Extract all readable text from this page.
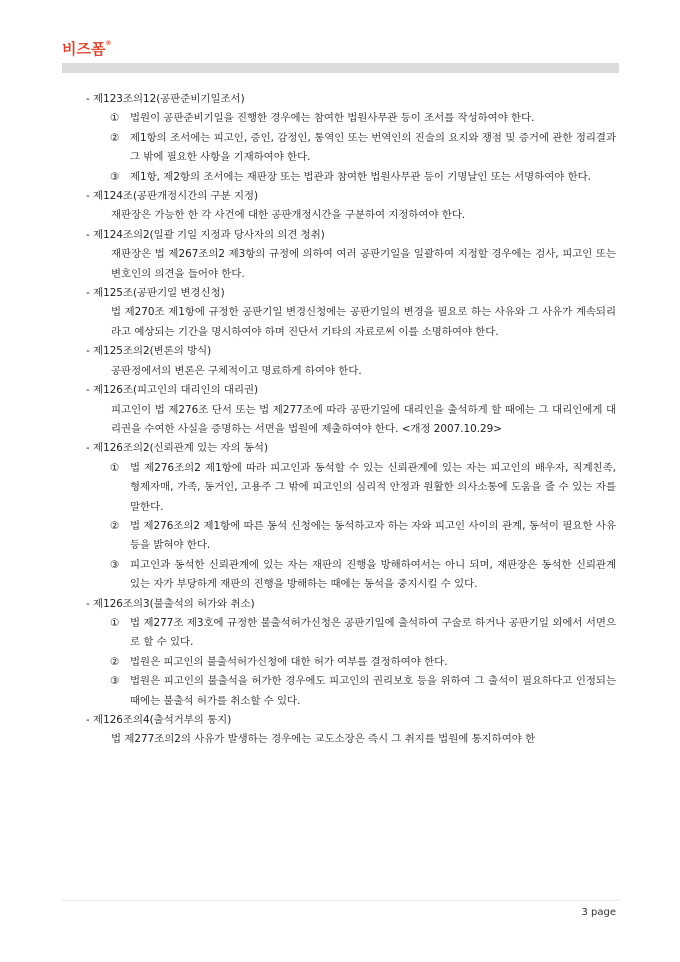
비즈폼®

- 제123조의12(공판준비기일조서)

① 법원이 공판준비기일을 진행한 경우에는 참여한 법원사무관 등이 조서를 작성하여야 한다.

② 제1항의 조서에는 피고인, 증인, 감정인, 통역인 또는 번역인의 진술의 요지와 쟁점 및 증거에 관한 정리결과 그 밖에 필요한 사항을 기재하여야 한다.

③ 제1항, 제2항의 조서에는 재판장 또는 법관과 참여한 법원사무관 등이 기명날인 또는 서명하여야 한다.

- 제124조(공판개정시간의 구분 지정)

재판장은 가능한 한 각 사건에 대한 공판개정시간을 구분하여 지정하여야 한다.

- 제124조의2(일괄 기일 지정과 당사자의 의견 청취)

재판장은 법 제267조의2 제3항의 규정에 의하여 여러 공판기일을 일괄하여 지정할 경우에는 검사, 피고인 또는 변호인의 의견을 들어야 한다.

- 제125조(공판기일 변경신청)

법 제270조 제1항에 규정한 공판기일 변경신청에는 공판기일의 변경을 필요로 하는 사유와 그 사유가 계속되리라고 예상되는 기간을 명시하여야 하며 진단서 기타의 자료로써 이를 소명하여야 한다.

- 제125조의2(변론의 방식)

공판정에서의 변론은 구체적이고 명료하게 하여야 한다.

- 제126조(피고인의 대리인의 대리권)

피고인이 법 제276조 단서 또는 법 제277조에 따라 공판기일에 대리인을 출석하게 할 때에는 그 대리인에게 대리권을 수여한 사실을 증명하는 서면을 법원에 제출하여야 한다. <개정 2007.10.29>

- 제126조의2(신뢰관계 있는 자의 동석)

① 법 제276조의2 제1항에 따라 피고인과 동석할 수 있는 신뢰관계에 있는 자는 피고인의 배우자, 직계친족, 형제자매, 가족, 동거인, 고용주 그 밖에 피고인의 심리적 안정과 원활한 의사소통에 도움을 줄 수 있는 자를 말한다.

② 법 제276조의2 제1항에 따른 동석 신청에는 동석하고자 하는 자와 피고인 사이의 관계, 동석이 필요한 사유 등을 밝혀야 한다.

③ 피고인과 동석한 신뢰관계에 있는 자는 재판의 진행을 방해하여서는 아니 되며, 재판장은 동석한 신뢰관계 있는 자가 부당하게 재판의 진행을 방해하는 때에는 동석을 중지시킬 수 있다.

- 제126조의3(불출석의 허가와 취소)

① 법 제277조 제3호에 규정한 불출석허가신청은 공판기일에 출석하여 구술로 하거나 공판기일 외에서 서면으로 할 수 있다.

② 법원은 피고인의 불출석허가신청에 대한 허가 여부를 결정하여야 한다.

③ 법원은 피고인의 불출석을 허가한 경우에도 피고인의 권리보호 등을 위하여 그 출석이 필요하다고 인정되는 때에는 불출석 허가를 취소할 수 있다.

- 제126조의4(출석거부의 통지)

법 제277조의2의 사유가 발생하는 경우에는 교도소장은 즉시 그 취지를 법원에 통지하여야 한

3 page
